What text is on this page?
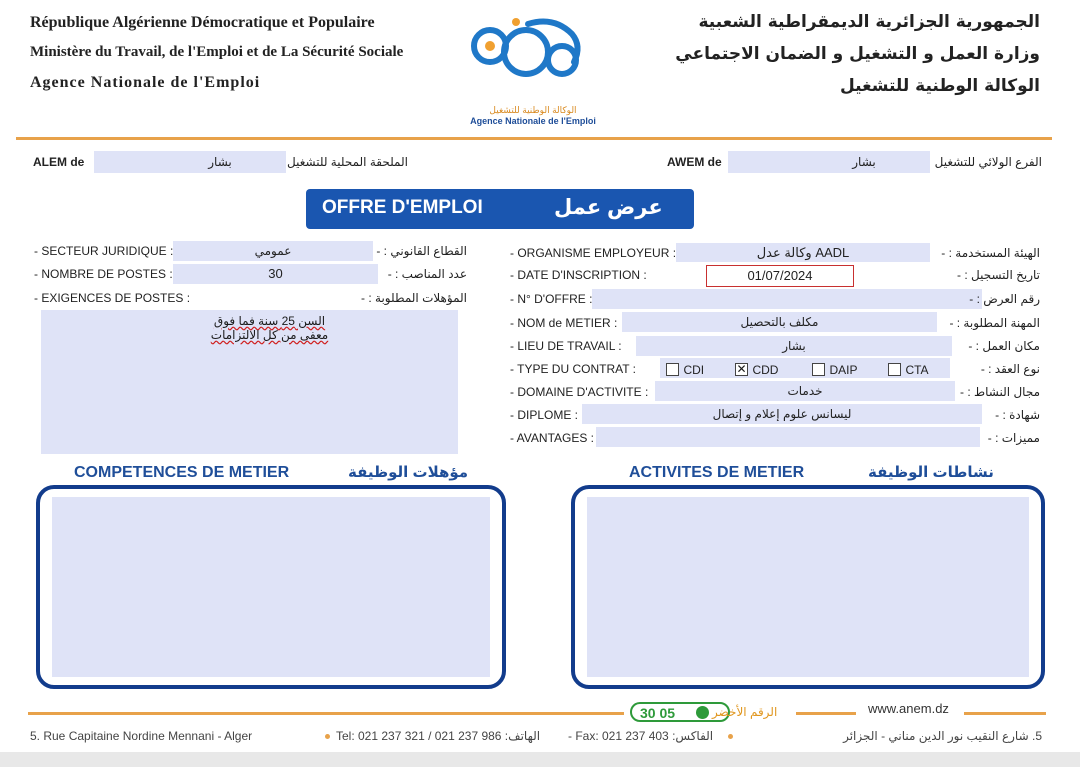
République Algérienne Démocratique et Populaire
Ministère du Travail, de l'Emploi et de La Sécurité Sociale
Agence Nationale de l'Emploi
الجمهورية الجزائرية الديمقراطية الشعبية
وزارة العمل و التشغيل و الضمان الاجتماعي
الوكالة الوطنية للتشغيل
الوكالة الوطنية للتشغيل
Agence Nationale de l'Emploi
ALEM de	بشار	الملحقة المحلية للتشغيل	AWEM de	بشار	الفرع الولائي للتشغيل
OFFRE D'EMPLOI	عرض عمل
- SECTEUR JURIDIQUE :	عمومي	القطاع القانوني : -
- NOMBRE DE POSTES :	30	عدد المناصب : -
- EXIGENCES DE POSTES :	المؤهلات المطلوبة : -
السن 25 سنة فما فوق
معفى من كل الالتزامات
- ORGANISME EMPLOYEUR :	وكالة عدل AADL	الهيئة المستخدمة : -
- DATE D'INSCRIPTION :	01/07/2024	تاريخ التسجيل : -
- N° D'OFFRE :	رقم العرض : -
- NOM de METIER :	مكلف بالتحصيل	المهنة المطلوبة : -
- LIEU DE TRAVAIL :	بشار	مكان العمل : -
- TYPE DU CONTRAT :	CDI	✕ CDD	DAIP	CTA	نوع العقد : -
- DOMAINE D'ACTIVITE :	خدمات	مجال النشاط : -
- DIPLOME :	ليسانس علوم إعلام و إتصال	شهادة : -
- AVANTAGES :	مميزات : -
COMPETENCES DE METIER	مؤهلات الوظيفة	ACTIVITES DE METIER	نشاطات الوظيفة
30 05	الرقم الأخضر	www.anem.dz
5. Rue Capitaine Nordine Mennani - Alger	Tel: 021 237 321 / 021 237 986 :الهاتف - Fax: 021 237 403 :الفاكس	5. شارع النقيب نور الدين مناني - الجزائر
